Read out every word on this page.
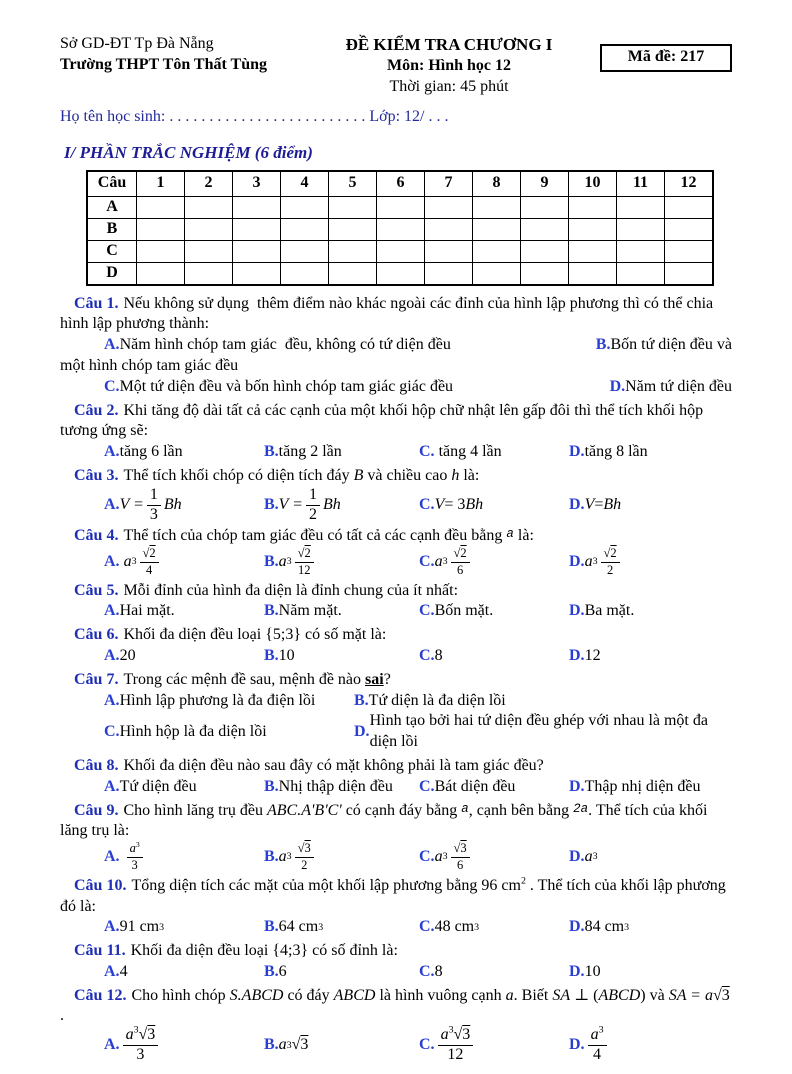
Sở GD-ĐT Tp Đà Nẵng
Trường THPT Tôn Thất Tùng
ĐỀ KIỂM TRA CHƯƠNG I
Môn: Hình học 12
Thời gian: 45 phút
Mã đề: 217
Họ tên học sinh: . . . . . . . . . . . . . . . . . . . . . . . . . Lớp: 12/ . . .
I/ PHẦN TRẮC NGHIỆM (6 điểm)
Câu	1	2	3	4	5	6	7	8	9	10	11	12
A												
B												
C												
D												

Câu 1. Nếu không sử dụng  thêm điểm nào khác ngoài các đỉnh của hình lập phương thì có thể chia hình lập phương thành:

A. Năm hình chóp tam giác  đều, không có tứ diện đều	B. Bốn tứ diện đều và
một hình chóp tam giác đều
C. Một tứ diện đều và bốn hình chóp tam giác giác đều	D. Năm tứ diện đều

Câu 2. Khi tăng độ dài tất cả các cạnh của một khối hộp chữ nhật lên gấp đôi thì thể tích khối hộp tương ứng sẽ:

A. tăng 6 lần	B. tăng 2 lần	C. tăng 4 lần	D. tăng 8 lần

Câu 3. Thể tích khối chóp có diện tích đáy B và chiều cao h là:

A. $V = \frac{1}{3}$ Bh	B. $V = \frac{1}{2}$ Bh	C. V = 3 Bh	D. V = Bh

Câu 4. Thể tích của chóp tam giác đều có tất cả các cạnh đều bằng a là:

A.
a $3 \frac{√2}{4}$	B. a $3 \frac{√2}{12}$	C. a $3 \frac{√2}{6}$	D. a $3 \frac{√2}{2}$

Câu 5. Mỗi đỉnh của hình đa diện là đỉnh chung của ít nhất:

A. Hai mặt.	B. Năm mặt.	C. Bốn mặt.	D. Ba mặt.

Câu 6. Khối đa diện đều loại {5;3} có số mặt là:

A. 20	B. 10	C. 8	D. 12

Câu 7. Trong các mệnh đề sau, mệnh đề nào sai?

A. Hình lập phương là đa điện lồi B. Tứ diện là đa diện lồi
C. Hình hộp là đa diện lồi	D.
Hình tạo bởi hai tứ diện đều ghép với nhau là một đa diện lồi

Câu 8. Khối đa diện đều nào sau đây có mặt không phải là tam giác đều?

A. Tứ diện đều	B. Nhị thập diện đều C. Bát diện đều	D. Thập nhị diện đều

Câu 9. Cho hình lăng trụ đều ABC.A'B'C' có cạnh đáy bằng a, cạnh bên bằng 2a. Thể tích của khối lăng trụ là:

A.
$\frac{a^3}{3}$	B. a $3 \frac{√3}{2}$	C. a $3 \frac{√3}{6}$	D. a 3

Câu 10. Tổng diện tích các mặt của một khối lập phương bằng 96 $cm^2$ . Thể tích của khối lập phương đó là:

A. 91 cm 3	B. 64 cm 3	C. 48 cm 3	D. 84 cm 3

Câu 11. Khối đa diện đều loại {4;3} có số đỉnh là:

A. 4	B. 6	C. 8	D. 10

Câu 12. Cho hình chóp S.ABCD có đáy ABCD là hình vuông cạnh a. Biết SA ⊥ (ABCD) và SA = a√3 .

A. $\frac{a^3√3}{3}$	B. a 3 √3	C. $\frac{a^3√3}{12}$	D. $\frac{a^3}{4}$
